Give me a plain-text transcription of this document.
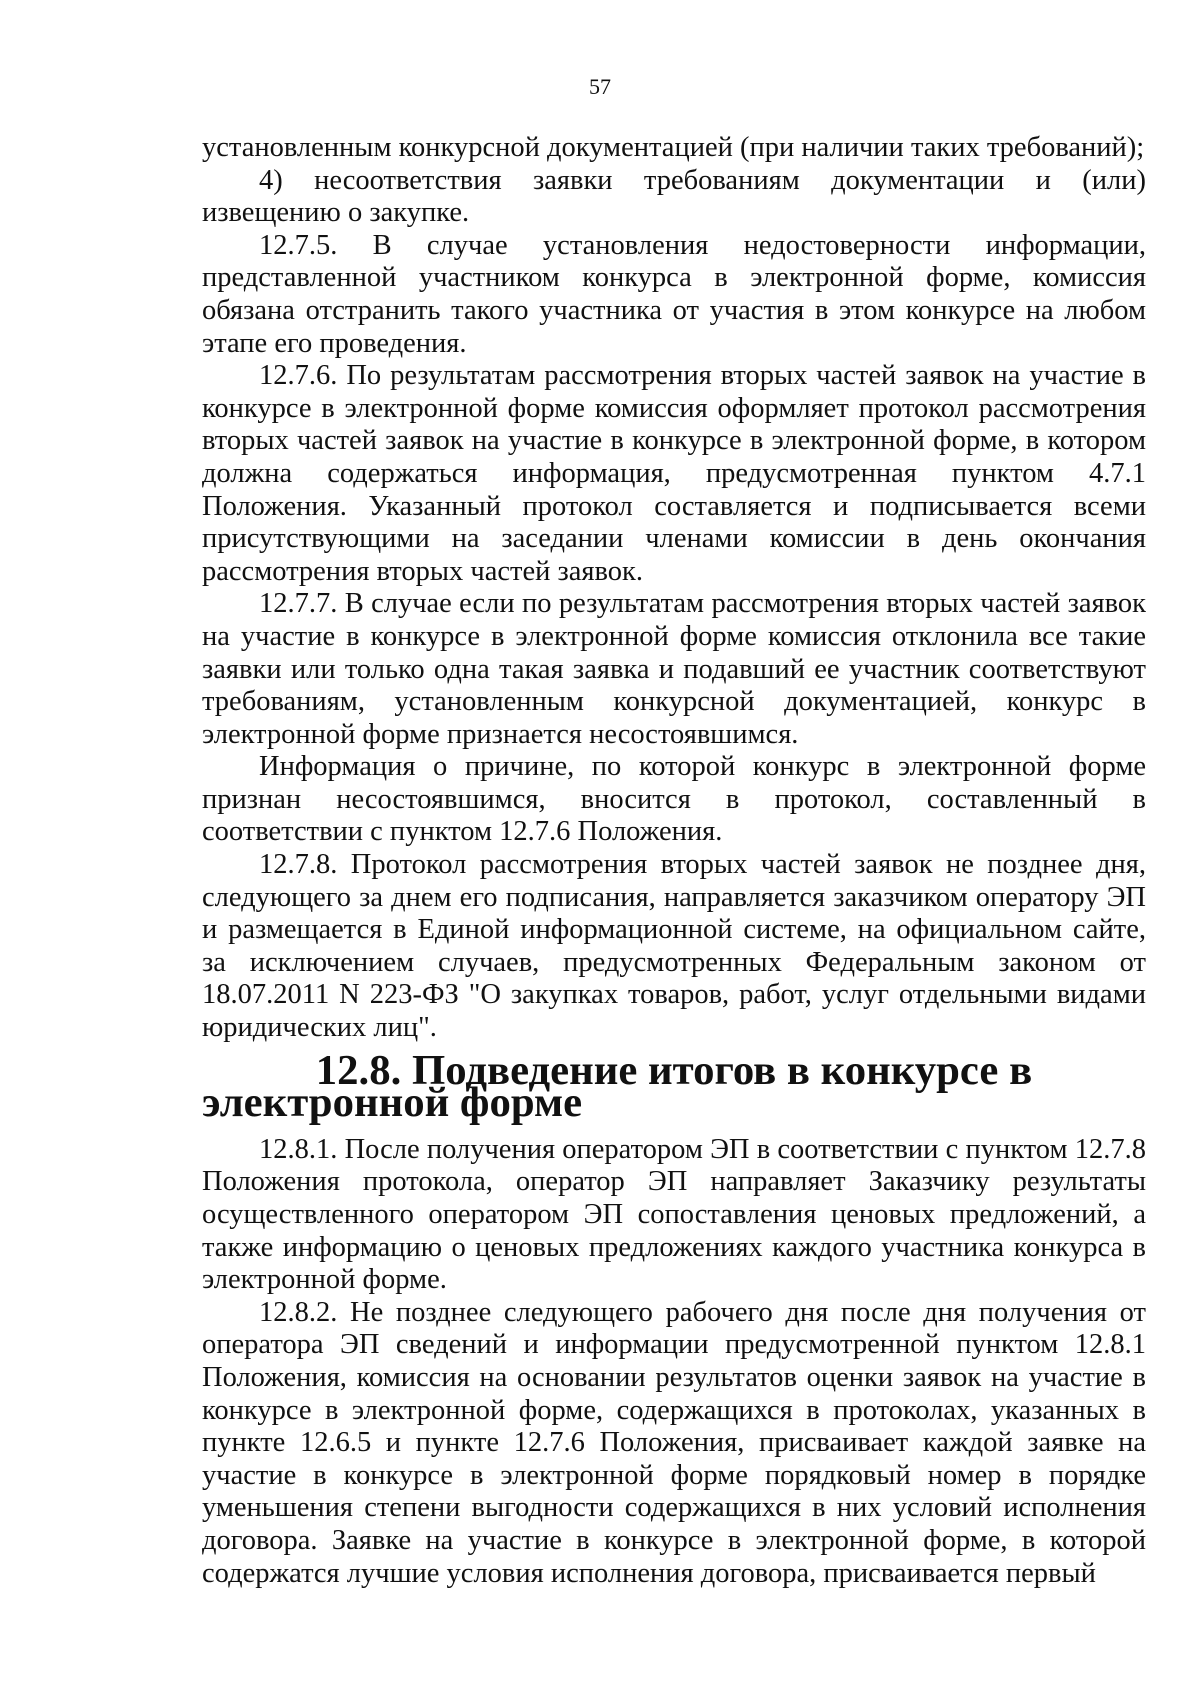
57

установленным конкурсной документацией (при наличии таких требований);

4) несоответствия заявки требованиям документации и (или) извещению о закупке.

12.7.5. В случае установления недостоверности информации, представленной участником конкурса в электронной форме, комиссия обязана отстранить такого участника от участия в этом конкурсе на любом этапе его проведения.

12.7.6. По результатам рассмотрения вторых частей заявок на участие в конкурсе в электронной форме комиссия оформляет протокол рассмотрения вторых частей заявок на участие в конкурсе в электронной форме, в котором должна содержаться информация, предусмотренная пунктом 4.7.1 Положения. Указанный протокол составляется и подписывается всеми присутствующими на заседании членами комиссии в день окончания рассмотрения вторых частей заявок.

12.7.7. В случае если по результатам рассмотрения вторых частей заявок на участие в конкурсе в электронной форме комиссия отклонила все такие заявки или только одна такая заявка и подавший ее участник соответствуют требованиям, установленным конкурсной документацией, конкурс в электронной форме признается несостоявшимся.

Информация о причине, по которой конкурс в электронной форме признан несостоявшимся, вносится в протокол, составленный в соответствии с пунктом 12.7.6 Положения.

12.7.8. Протокол рассмотрения вторых частей заявок не позднее дня, следующего за днем его подписания, направляется заказчиком оператору ЭП и размещается в Единой информационной системе, на официальном сайте, за исключением случаев, предусмотренных Федеральным законом от 18.07.2011 N 223-ФЗ "О закупках товаров, работ, услуг отдельными видами юридических лиц".

12.8. Подведение итогов в конкурсе в электронной форме

12.8.1. После получения оператором ЭП в соответствии с пунктом 12.7.8 Положения протокола, оператор ЭП направляет Заказчику результаты осуществленного оператором ЭП сопоставления ценовых предложений, а также информацию о ценовых предложениях каждого участника конкурса в электронной форме.

12.8.2. Не позднее следующего рабочего дня после дня получения от оператора ЭП сведений и информации предусмотренной пунктом 12.8.1 Положения, комиссия на основании результатов оценки заявок на участие в конкурсе в электронной форме, содержащихся в протоколах, указанных в пункте 12.6.5 и пункте 12.7.6 Положения, присваивает каждой заявке на участие в конкурсе в электронной форме порядковый номер в порядке уменьшения степени выгодности содержащихся в них условий исполнения договора. Заявке на участие в конкурсе в электронной форме, в которой содержатся лучшие условия исполнения договора, присваивается первый
